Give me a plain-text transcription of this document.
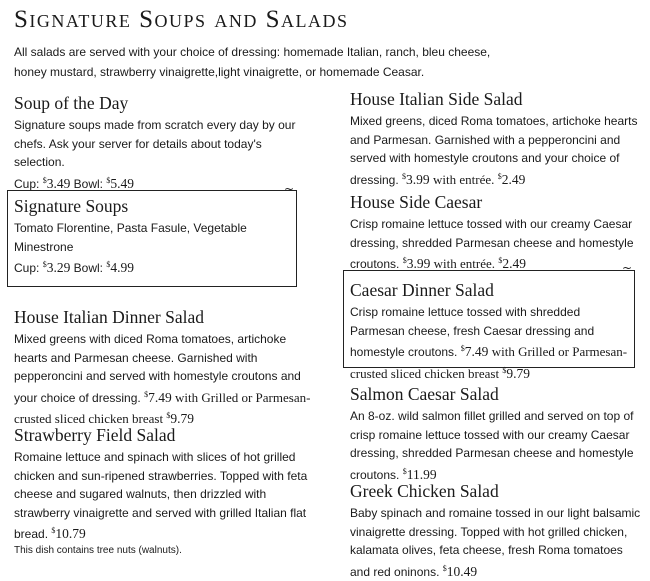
Signature Soups and Salads
All salads are served with your choice of dressing: homemade Italian, ranch, bleu cheese, honey mustard, strawberry vinaigrette,light vinaigrette, or homemade Ceasar.
Soup of the Day

Signature soups made from scratch every day by our chefs. Ask your server for details about today's selection.
Cup: $3.49 Bowl: $5.49

Signature Soups

Tomato Florentine, Pasta Fasule, Vegetable Minestrone
Cup: $3.29 Bowl: $4.99

~
House Italian Dinner Salad

Mixed greens with diced Roma tomatoes, artichoke hearts and Parmesan cheese. Garnished with pepperoncini and served with homestyle croutons and your choice of dressing. $7.49 with Grilled or Parmesan-crusted sliced chicken breast $9.79

Strawberry Field Salad

Romaine lettuce and spinach with slices of hot grilled chicken and sun-ripened strawberries. Topped with feta cheese and sugared walnuts, then drizzled with strawberry vinaigrette and served with grilled Italian flat bread. $10.79

This dish contains tree nuts (walnuts).

House Italian Side Salad

Mixed greens, diced Roma tomatoes, artichoke hearts and Parmesan. Garnished with a pepperoncini and served with homestyle croutons and your choice of dressing. $3.99 with entrée. $2.49

House Side Caesar

Crisp romaine lettuce tossed with our creamy Caesar dressing, shredded Parmesan cheese and homestyle croutons. $3.99 with entrée. $2.49

Caesar Dinner Salad

Crisp romaine lettuce tossed with shredded Parmesan cheese, fresh Caesar dressing and homestyle croutons. $7.49 with Grilled or Parmesan-crusted sliced chicken breast $9.79

~
Salmon Caesar Salad

An 8-oz. wild salmon fillet grilled and served on top of crisp romaine lettuce tossed with our creamy Caesar dressing, shredded Parmesan cheese and homestyle croutons. $11.99

Greek Chicken Salad

Baby spinach and romaine tossed in our light balsamic vinaigrette dressing. Topped with hot grilled chicken, kalamata olives, feta cheese, fresh Roma tomatoes and red oninons. $10.49
